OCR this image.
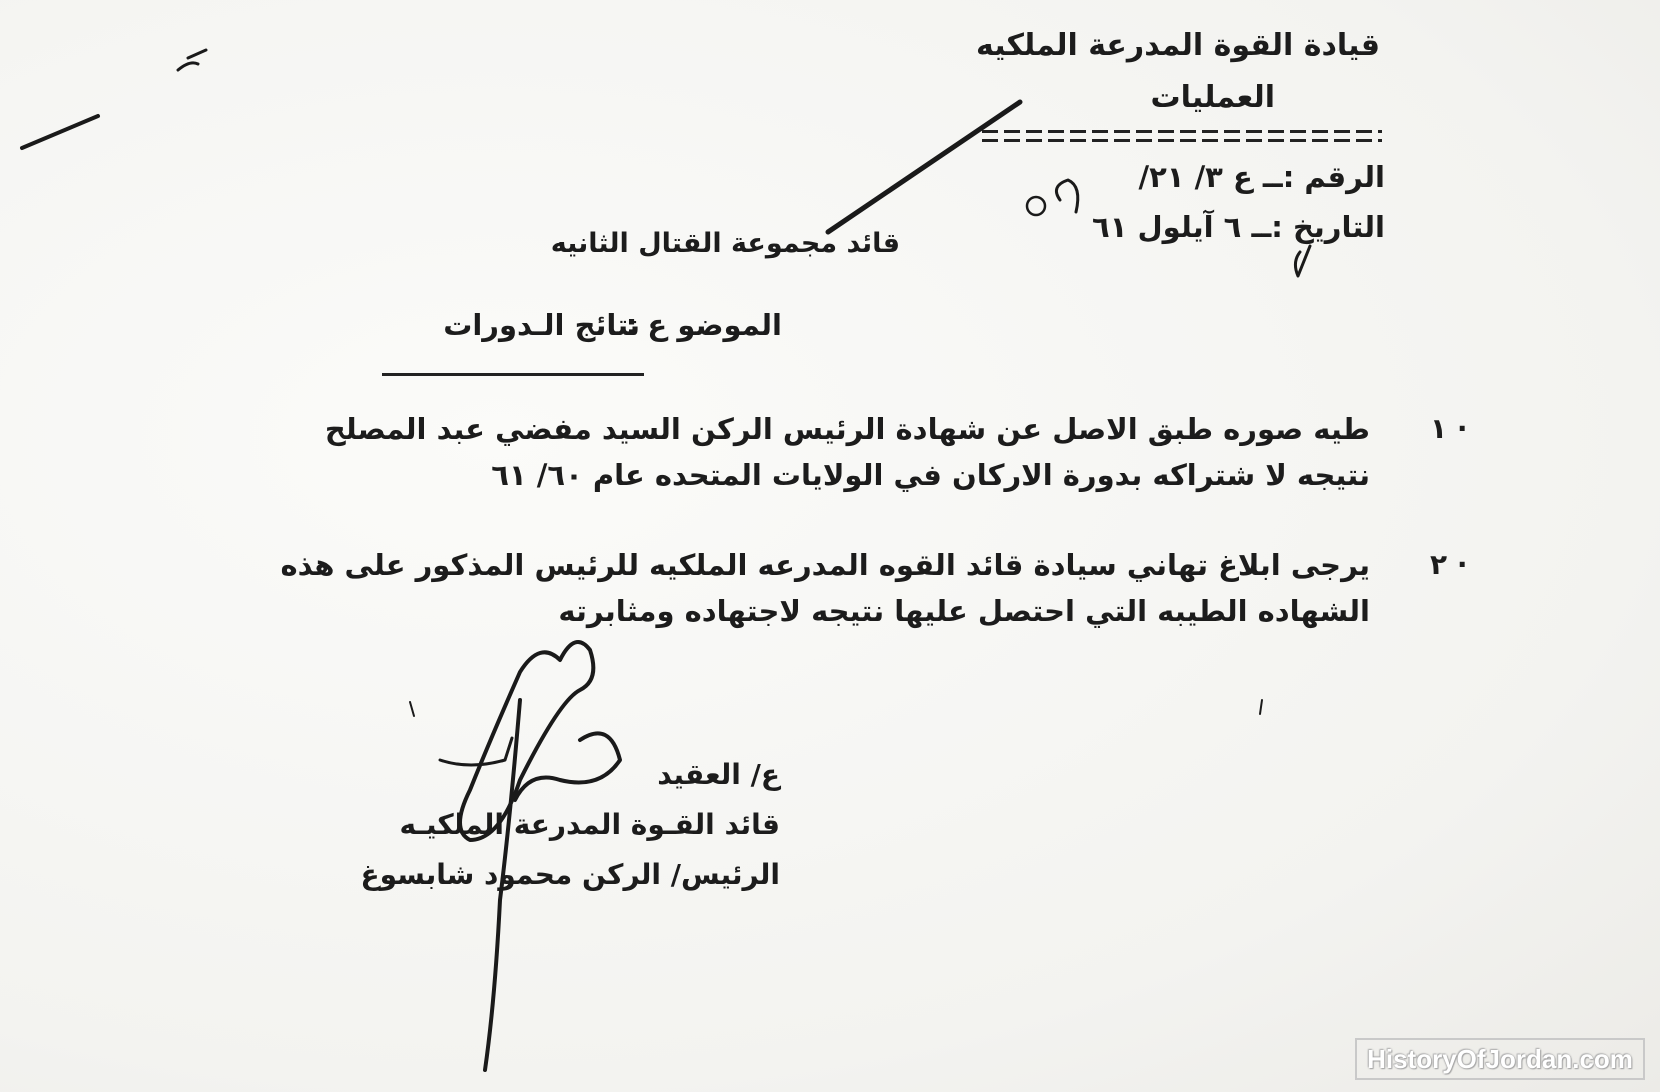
قيادة القوة المدرعة الملكيه
العمليات
الرقم :ــ ع ٣/ ٢١/
التاريخ :ــ ٦ آيلول ٦١
قائد مجموعة القتال الثانيه
الموضو ع :
نتائج الـدورات
١ ·
طيه صوره طبق الاصل عن شهادة الرئيس الركن السيد مفضي عبد المصلح
نتيجه لا شتراكه بدورة الاركان في الولايات المتحده عام ٦٠/ ٦١
٢ ·
يرجى ابلاغ تهاني سيادة قائد القوه المدرعه الملكيه للرئيس المذكور على هذه
الشهاده الطيبه التي احتصل عليها نتيجه لاجتهاده ومثابرته
ع/ العقيد
قائد القـوة المدرعة الملكيـه
الرئيس/ الركن محمود شابسوغ
HistoryOfJordan.com
